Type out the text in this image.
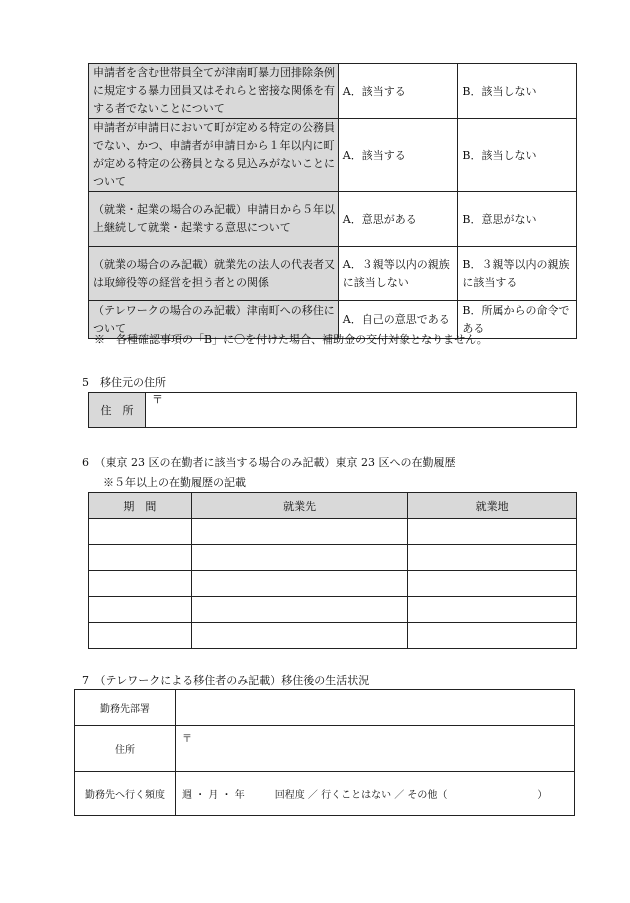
申請者を含む世帯員全てが津南町暴力団排除条例に規定する暴力団員又はそれらと密接な関係を有する者でないことについて	A．該当する	B．該当しない
申請者が申請日において町が定める特定の公務員でない、かつ、申請者が申請日から１年以内に町が定める特定の公務員となる見込みがないことについて	A．該当する	B．該当しない
（就業・起業の場合のみ記載）申請日から５年以上継続して就業・起業する意思について	A．意思がある	B．意思がない
（就業の場合のみ記載）就業先の法人の代表者又は取締役等の経営を担う者との関係	A．３親等以内の親族に該当しない	B．３親等以内の親族に該当する
（テレワークの場合のみ記載）津南町への移住について	A．自己の意思である	B．所属からの命令である
※　各種確認事項の「B」に〇を付けた場合、補助金の交付対象となりません。
5　移住元の住所
住　所	〒
6　（東京 23 区の在勤者に該当する場合のみ記載）東京 23 区への在勤履歴
※５年以上の在勤履歴の記載
期　間	就業先	就業地

7　（テレワークによる移住者のみ記載）移住後の生活状況
勤務先部署	
住所	〒
勤務先へ行く頻度	週 ・ 月 ・ 年　　　回程度 ／ 行くことはない ／ その他（　　　　　　　　　）
